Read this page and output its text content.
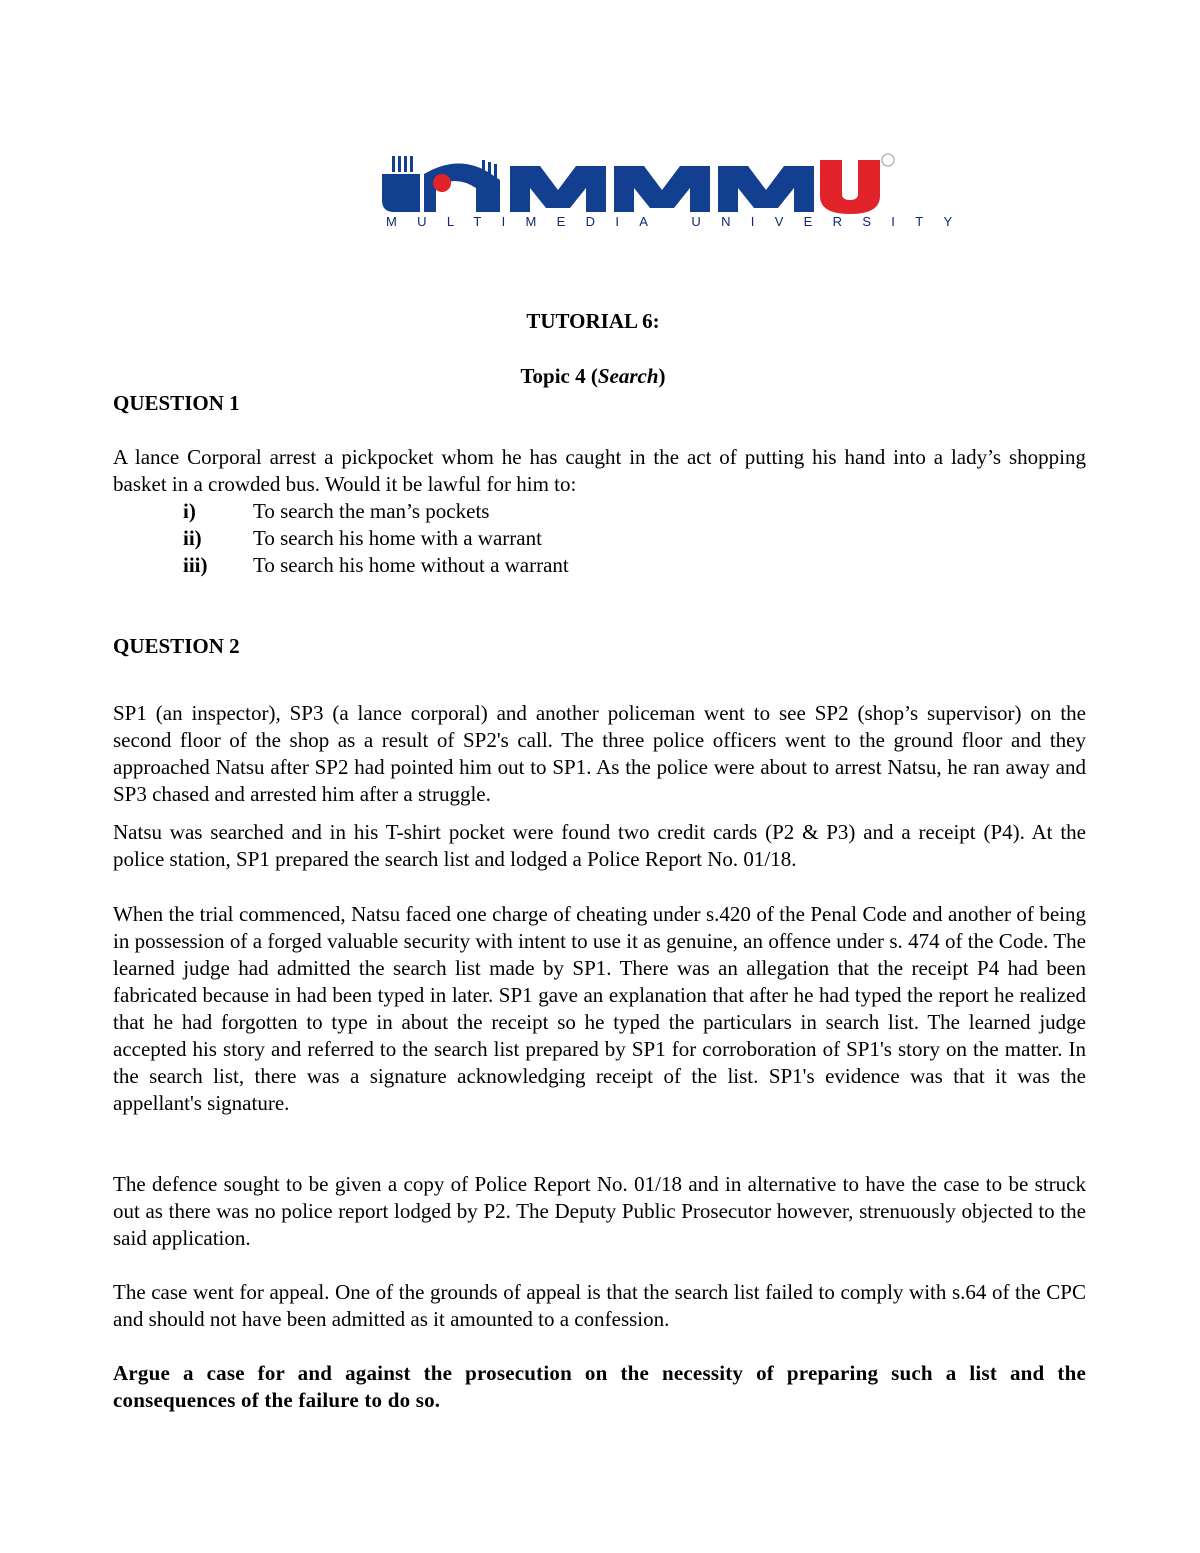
MULTIMEDIA UNIVERSITY

TUTORIAL 6:

Topic 4 (Search)

QUESTION 1

A lance Corporal arrest a pickpocket whom he has caught in the act of putting his hand into a lady’s shopping basket in a crowded bus. Would it be lawful for him to:

i)	To search the man’s pockets
ii)	To search his home with a warrant
iii)	To search his home without a warrant

QUESTION 2

SP1 (an inspector), SP3 (a lance corporal) and another policeman went to see SP2 (shop’s supervisor) on the second floor of the shop as a result of SP2's call. The three police officers went to the ground floor and they approached Natsu after SP2 had pointed him out to SP1. As the police were about to arrest Natsu, he ran away and SP3 chased and arrested him after a struggle.

Natsu was searched and in his T-shirt pocket were found two credit cards (P2 & P3) and a receipt (P4). At the police station, SP1 prepared the search list and lodged a Police Report No. 01/18.

When the trial commenced, Natsu faced one charge of cheating under s.420 of the Penal Code and another of being in possession of a forged valuable security with intent to use it as genuine, an offence under s. 474 of the Code. The learned judge had admitted the search list made by SP1. There was an allegation that the receipt P4 had been fabricated because in had been typed in later. SP1 gave an explanation that after he had typed the report he realized that he had forgotten to type in about the receipt so he typed the particulars in search list. The learned judge accepted his story and referred to the search list prepared by SP1 for corroboration of SP1's story on the matter. In the search list, there was a signature acknowledging receipt of the list. SP1's evidence was that it was the appellant's signature.

The defence sought to be given a copy of Police Report No. 01/18 and in alternative to have the case to be struck out as there was no police report lodged by P2. The Deputy Public Prosecutor however, strenuously objected to the said application.

The case went for appeal. One of the grounds of appeal is that the search list failed to comply with s.64 of the CPC and should not have been admitted as it amounted to a confession.

Argue a case for and against the prosecution on the necessity of preparing such a list and the consequences of the failure to do so.
